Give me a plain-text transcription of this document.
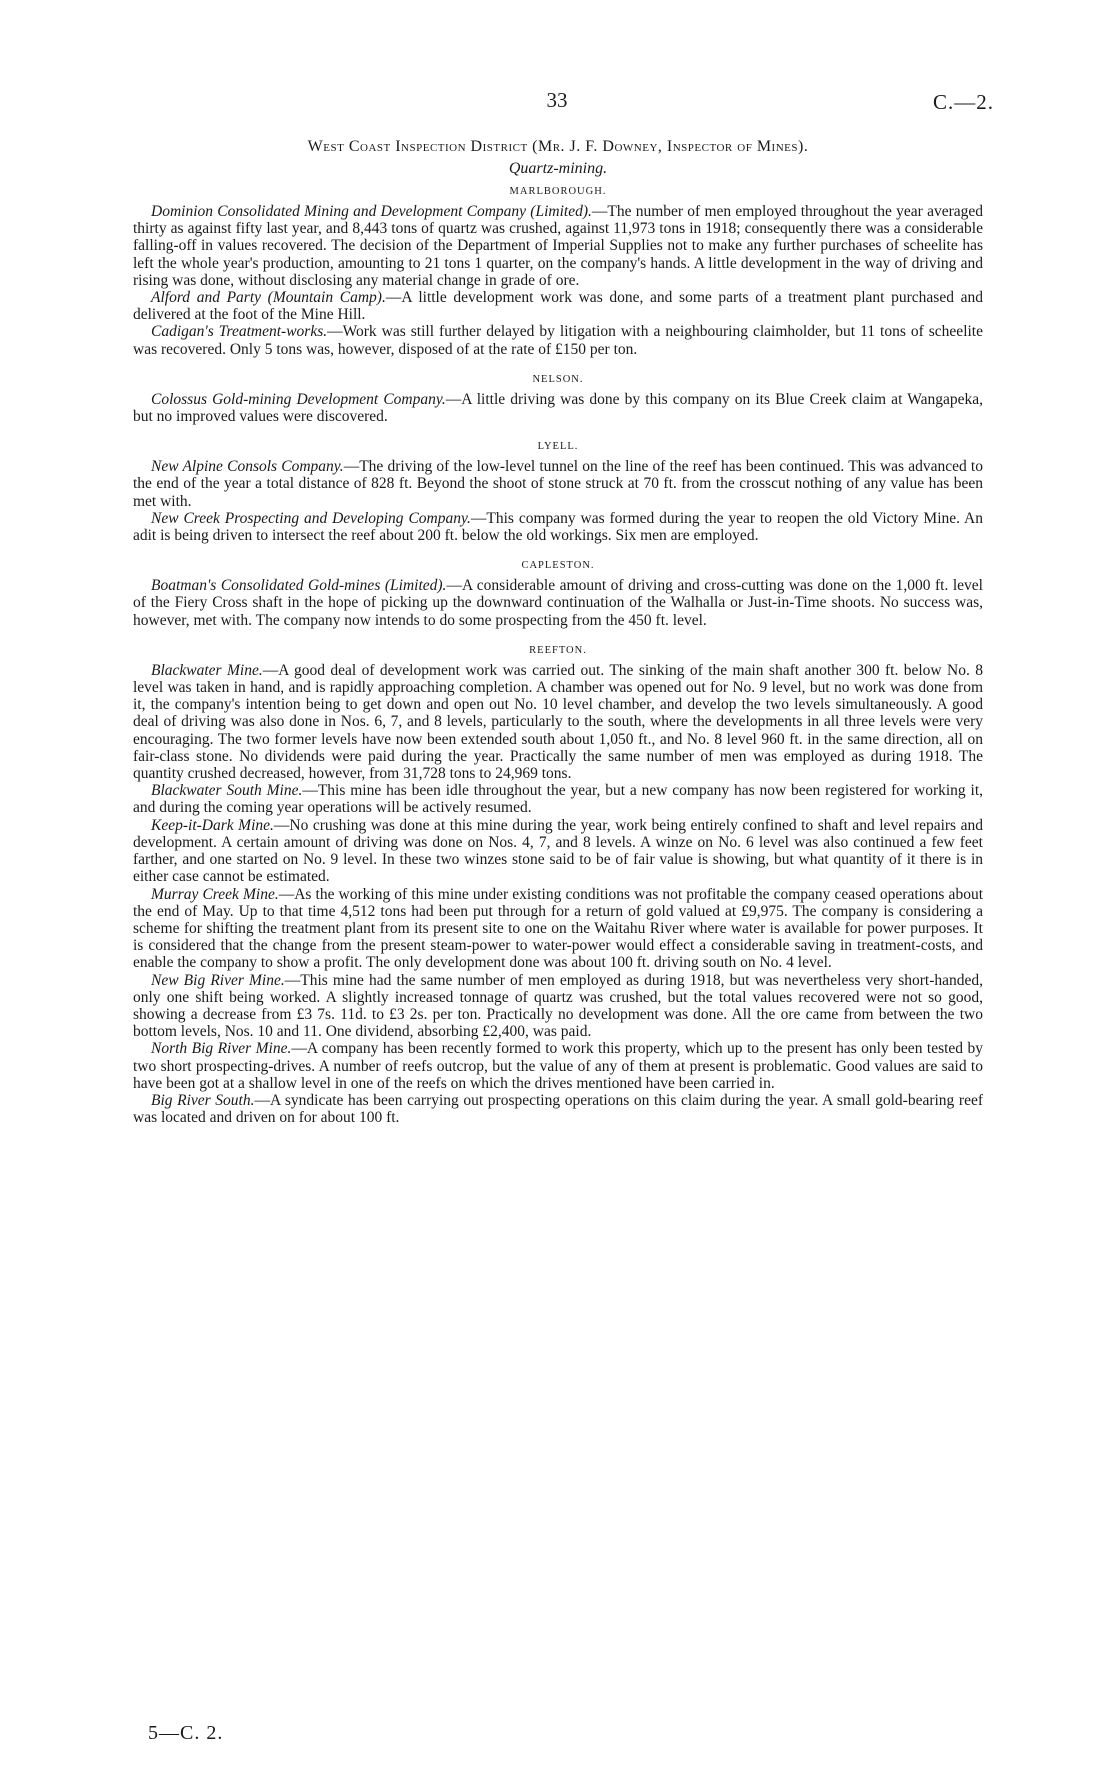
33	C.—2.
West Coast Inspection District (Mr. J. F. Downey, Inspector of Mines).
Quartz-mining.
MARLBOROUGH.

Dominion Consolidated Mining and Development Company (Limited).—The number of men employed throughout the year averaged thirty as against fifty last year, and 8,443 tons of quartz was crushed, against 11,973 tons in 1918; consequently there was a considerable falling-off in values recovered. The decision of the Department of Imperial Supplies not to make any further purchases of scheelite has left the whole year's production, amounting to 21 tons 1 quarter, on the company's hands. A little development in the way of driving and rising was done, without disclosing any material change in grade of ore.

Alford and Party (Mountain Camp).—A little development work was done, and some parts of a treatment plant purchased and delivered at the foot of the Mine Hill.

Cadigan's Treatment-works.—Work was still further delayed by litigation with a neighbouring claimholder, but 11 tons of scheelite was recovered. Only 5 tons was, however, disposed of at the rate of £150 per ton.

NELSON.

Colossus Gold-mining Development Company.—A little driving was done by this company on its Blue Creek claim at Wangapeka, but no improved values were discovered.

LYELL.

New Alpine Consols Company.—The driving of the low-level tunnel on the line of the reef has been continued. This was advanced to the end of the year a total distance of 828 ft. Beyond the shoot of stone struck at 70 ft. from the crosscut nothing of any value has been met with.

New Creek Prospecting and Developing Company.—This company was formed during the year to reopen the old Victory Mine. An adit is being driven to intersect the reef about 200 ft. below the old workings. Six men are employed.

CAPLESTON.

Boatman's Consolidated Gold-mines (Limited).—A considerable amount of driving and cross-cutting was done on the 1,000 ft. level of the Fiery Cross shaft in the hope of picking up the downward continuation of the Walhalla or Just-in-Time shoots. No success was, however, met with. The company now intends to do some prospecting from the 450 ft. level.

REEFTON.

Blackwater Mine.—A good deal of development work was carried out. The sinking of the main shaft another 300 ft. below No. 8 level was taken in hand, and is rapidly approaching completion. A chamber was opened out for No. 9 level, but no work was done from it, the company's intention being to get down and open out No. 10 level chamber, and develop the two levels simultaneously. A good deal of driving was also done in Nos. 6, 7, and 8 levels, particularly to the south, where the developments in all three levels were very encouraging. The two former levels have now been extended south about 1,050 ft., and No. 8 level 960 ft. in the same direction, all on fair-class stone. No dividends were paid during the year. Practically the same number of men was employed as during 1918. The quantity crushed decreased, however, from 31,728 tons to 24,969 tons.

Blackwater South Mine.—This mine has been idle throughout the year, but a new company has now been registered for working it, and during the coming year operations will be actively resumed.

Keep-it-Dark Mine.—No crushing was done at this mine during the year, work being entirely confined to shaft and level repairs and development. A certain amount of driving was done on Nos. 4, 7, and 8 levels. A winze on No. 6 level was also continued a few feet farther, and one started on No. 9 level. In these two winzes stone said to be of fair value is showing, but what quantity of it there is in either case cannot be estimated.

Murray Creek Mine.—As the working of this mine under existing conditions was not profitable the company ceased operations about the end of May. Up to that time 4,512 tons had been put through for a return of gold valued at £9,975. The company is considering a scheme for shifting the treatment plant from its present site to one on the Waitahu River where water is available for power purposes. It is considered that the change from the present steam-power to water-power would effect a considerable saving in treatment-costs, and enable the company to show a profit. The only development done was about 100 ft. driving south on No. 4 level.

New Big River Mine.—This mine had the same number of men employed as during 1918, but was nevertheless very short-handed, only one shift being worked. A slightly increased tonnage of quartz was crushed, but the total values recovered were not so good, showing a decrease from £3 7s. 11d. to £3 2s. per ton. Practically no development was done. All the ore came from between the two bottom levels, Nos. 10 and 11. One dividend, absorbing £2,400, was paid.

North Big River Mine.—A company has been recently formed to work this property, which up to the present has only been tested by two short prospecting-drives. A number of reefs outcrop, but the value of any of them at present is problematic. Good values are said to have been got at a shallow level in one of the reefs on which the drives mentioned have been carried in.

Big River South.—A syndicate has been carrying out prospecting operations on this claim during the year. A small gold-bearing reef was located and driven on for about 100 ft.

5—C. 2.
